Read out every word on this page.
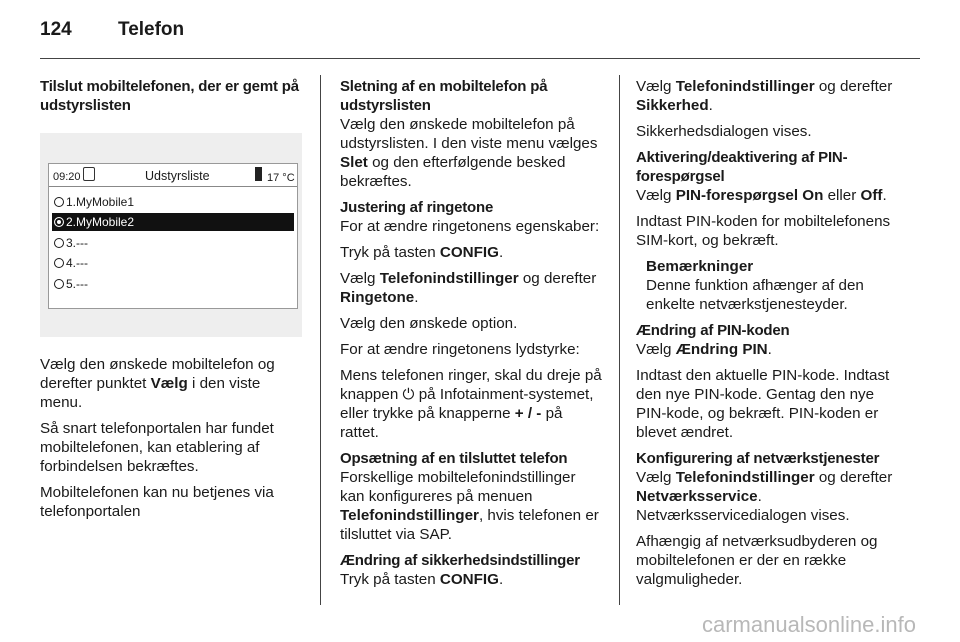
124 Telefon
Tilslut mobiltelefonen, der er gemt på udstyrslisten
09:20	Udstyrsliste	17 °C
1.MyMobile1
2.MyMobile2
3.---
4.---
5.---

Vælg den ønskede mobiltelefon og derefter punktet Vælg i den viste menu.

Så snart telefonportalen har fundet mobiltelefonen, kan etablering af forbindelsen bekræftes.

Mobiltelefonen kan nu betjenes via telefonportalen

Sletning af en mobiltelefon på udstyrslisten

Vælg den ønskede mobiltelefon på udstyrslisten. I den viste menu vælges Slet og den efterfølgende besked bekræftes.

Justering af ringetone

For at ændre ringetonens egenskaber:

Tryk på tasten CONFIG.

Vælg Telefonindstillinger og derefter Ringetone.

Vælg den ønskede option.

For at ændre ringetonens lydstyrke:

Mens telefonen ringer, skal du dreje på knappen ⏻ på Infotainment-systemet, eller trykke på knapperne + / - på rattet.

Opsætning af en tilsluttet telefon

Forskellige mobiltelefonindstillinger kan konfigureres på menuen Telefonindstillinger, hvis telefonen er tilsluttet via SAP.

Ændring af sikkerhedsindstillinger

Tryk på tasten CONFIG.

Vælg Telefonindstillinger og derefter Sikkerhed.

Sikkerhedsdialogen vises.

Aktivering/deaktivering af PIN-forespørgsel

Vælg PIN-forespørgsel On eller Off.

Indtast PIN-koden for mobiltelefonens SIM-kort, og bekræft.

Bemærkninger
Denne funktion afhænger af den enkelte netværkstjenesteyder.
Ændring af PIN-koden

Vælg Ændring PIN.

Indtast den aktuelle PIN-kode. Indtast den nye PIN-kode. Gentag den nye PIN-kode, og bekræft. PIN-koden er blevet ændret.

Konfigurering af netværkstjenester

Vælg Telefonindstillinger og derefter Netværksservice. Netværksservicedialogen vises.

Afhængig af netværksudbyderen og mobiltelefonen er der en række valgmuligheder.

carmanualsonline.info
